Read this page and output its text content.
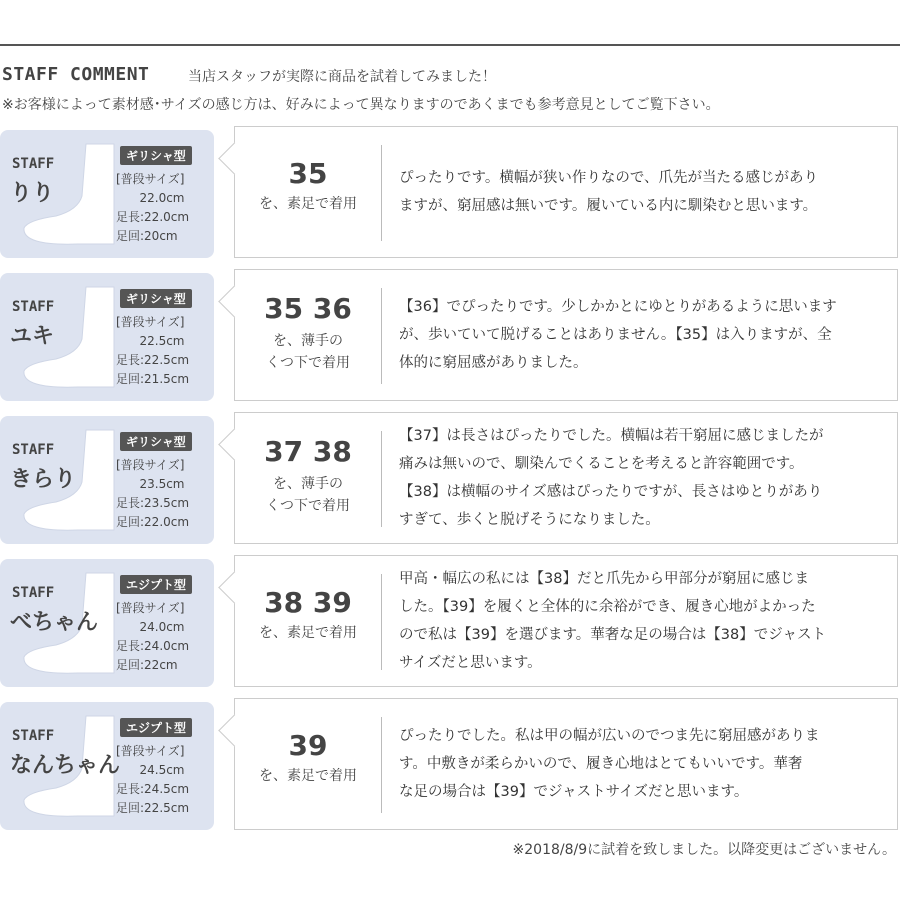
STAFF COMMENT	当店スタッフが実際に商品を試着してみました！
※お客様によって素材感･サイズの感じ方は、好みによって異なりますのであくまでも参考意見としてご覧下さい。
STAFF
りり
ギリシャ型
[普段サイズ]
22.0cm
足長:22.0cm
足回:20cm
35
を、素足で着用
ぴったりです。横幅が狭い作りなので、爪先が当たる感じがあり
ますが、窮屈感は無いです。履いている内に馴染むと思います。
STAFF
ユキ
ギリシャ型
[普段サイズ]
22.5cm
足長:22.5cm
足回:21.5cm
35 36
を、薄手の
くつ下で着用
【36】でぴったりです。少しかかとにゆとりがあるように思います
が、歩いていて脱げることはありません。【35】は入りますが、全
体的に窮屈感がありました。
STAFF
きらり
ギリシャ型
[普段サイズ]
23.5cm
足長:23.5cm
足回:22.0cm
37 38
を、薄手の
くつ下で着用
【37】は長さはぴったりでした。横幅は若干窮屈に感じましたが
痛みは無いので、馴染んでくることを考えると許容範囲です。
【38】は横幅のサイズ感はぴったりですが、長さはゆとりがあり
すぎて、歩くと脱げそうになりました。
STAFF
べちゃん
エジプト型
[普段サイズ]
24.0cm
足長:24.0cm
足回:22cm
38 39
を、素足で着用
甲高・幅広の私には【38】だと爪先から甲部分が窮屈に感じま
した。【39】を履くと全体的に余裕ができ、履き心地がよかった
ので私は【39】を選びます。華奢な足の場合は【38】でジャスト
サイズだと思います。
STAFF
なんちゃん
エジプト型
[普段サイズ]
24.5cm
足長:24.5cm
足回:22.5cm
39
を、素足で着用
ぴったりでした。私は甲の幅が広いのでつま先に窮屈感がありま
す。中敷きが柔らかいので、履き心地はとてもいいです。華奢
な足の場合は【39】でジャストサイズだと思います。
※2018/8/9に試着を致しました。以降変更はございません。
